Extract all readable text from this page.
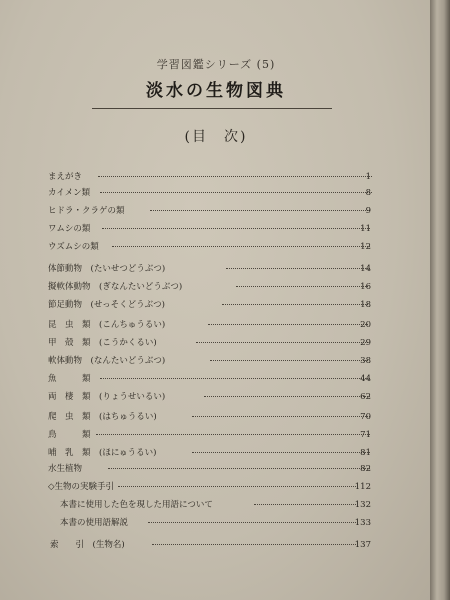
学習図鑑シリーズ (5)
淡水の生物図典
(目　次)
まえがき	1
カイメン類	8
ヒドラ・クラゲの類	9
ワムシの類	11
ウズムシの類	12
体節動物　(たいせつどうぶつ)	14
擬軟体動物　(ぎなんたいどうぶつ)	16
節足動物　(せっそくどうぶつ)	18
昆　虫　類　(こんちゅうるい)	20
甲　殻　類　(こうかくるい)	29
軟体動物　(なんたいどうぶつ)	38
魚　　　類	44
両　棲　類　(りょうせいるい)	62
爬　虫　類　(はちゅうるい)	70
鳥　　　類	71
哺　乳　類　(ほにゅうるい)	81
水生植物	82
◇生物の実験手引	112
本書に使用した色を現した用語について	132
本書の使用語解説	133
索　　引　(生物名)	137
